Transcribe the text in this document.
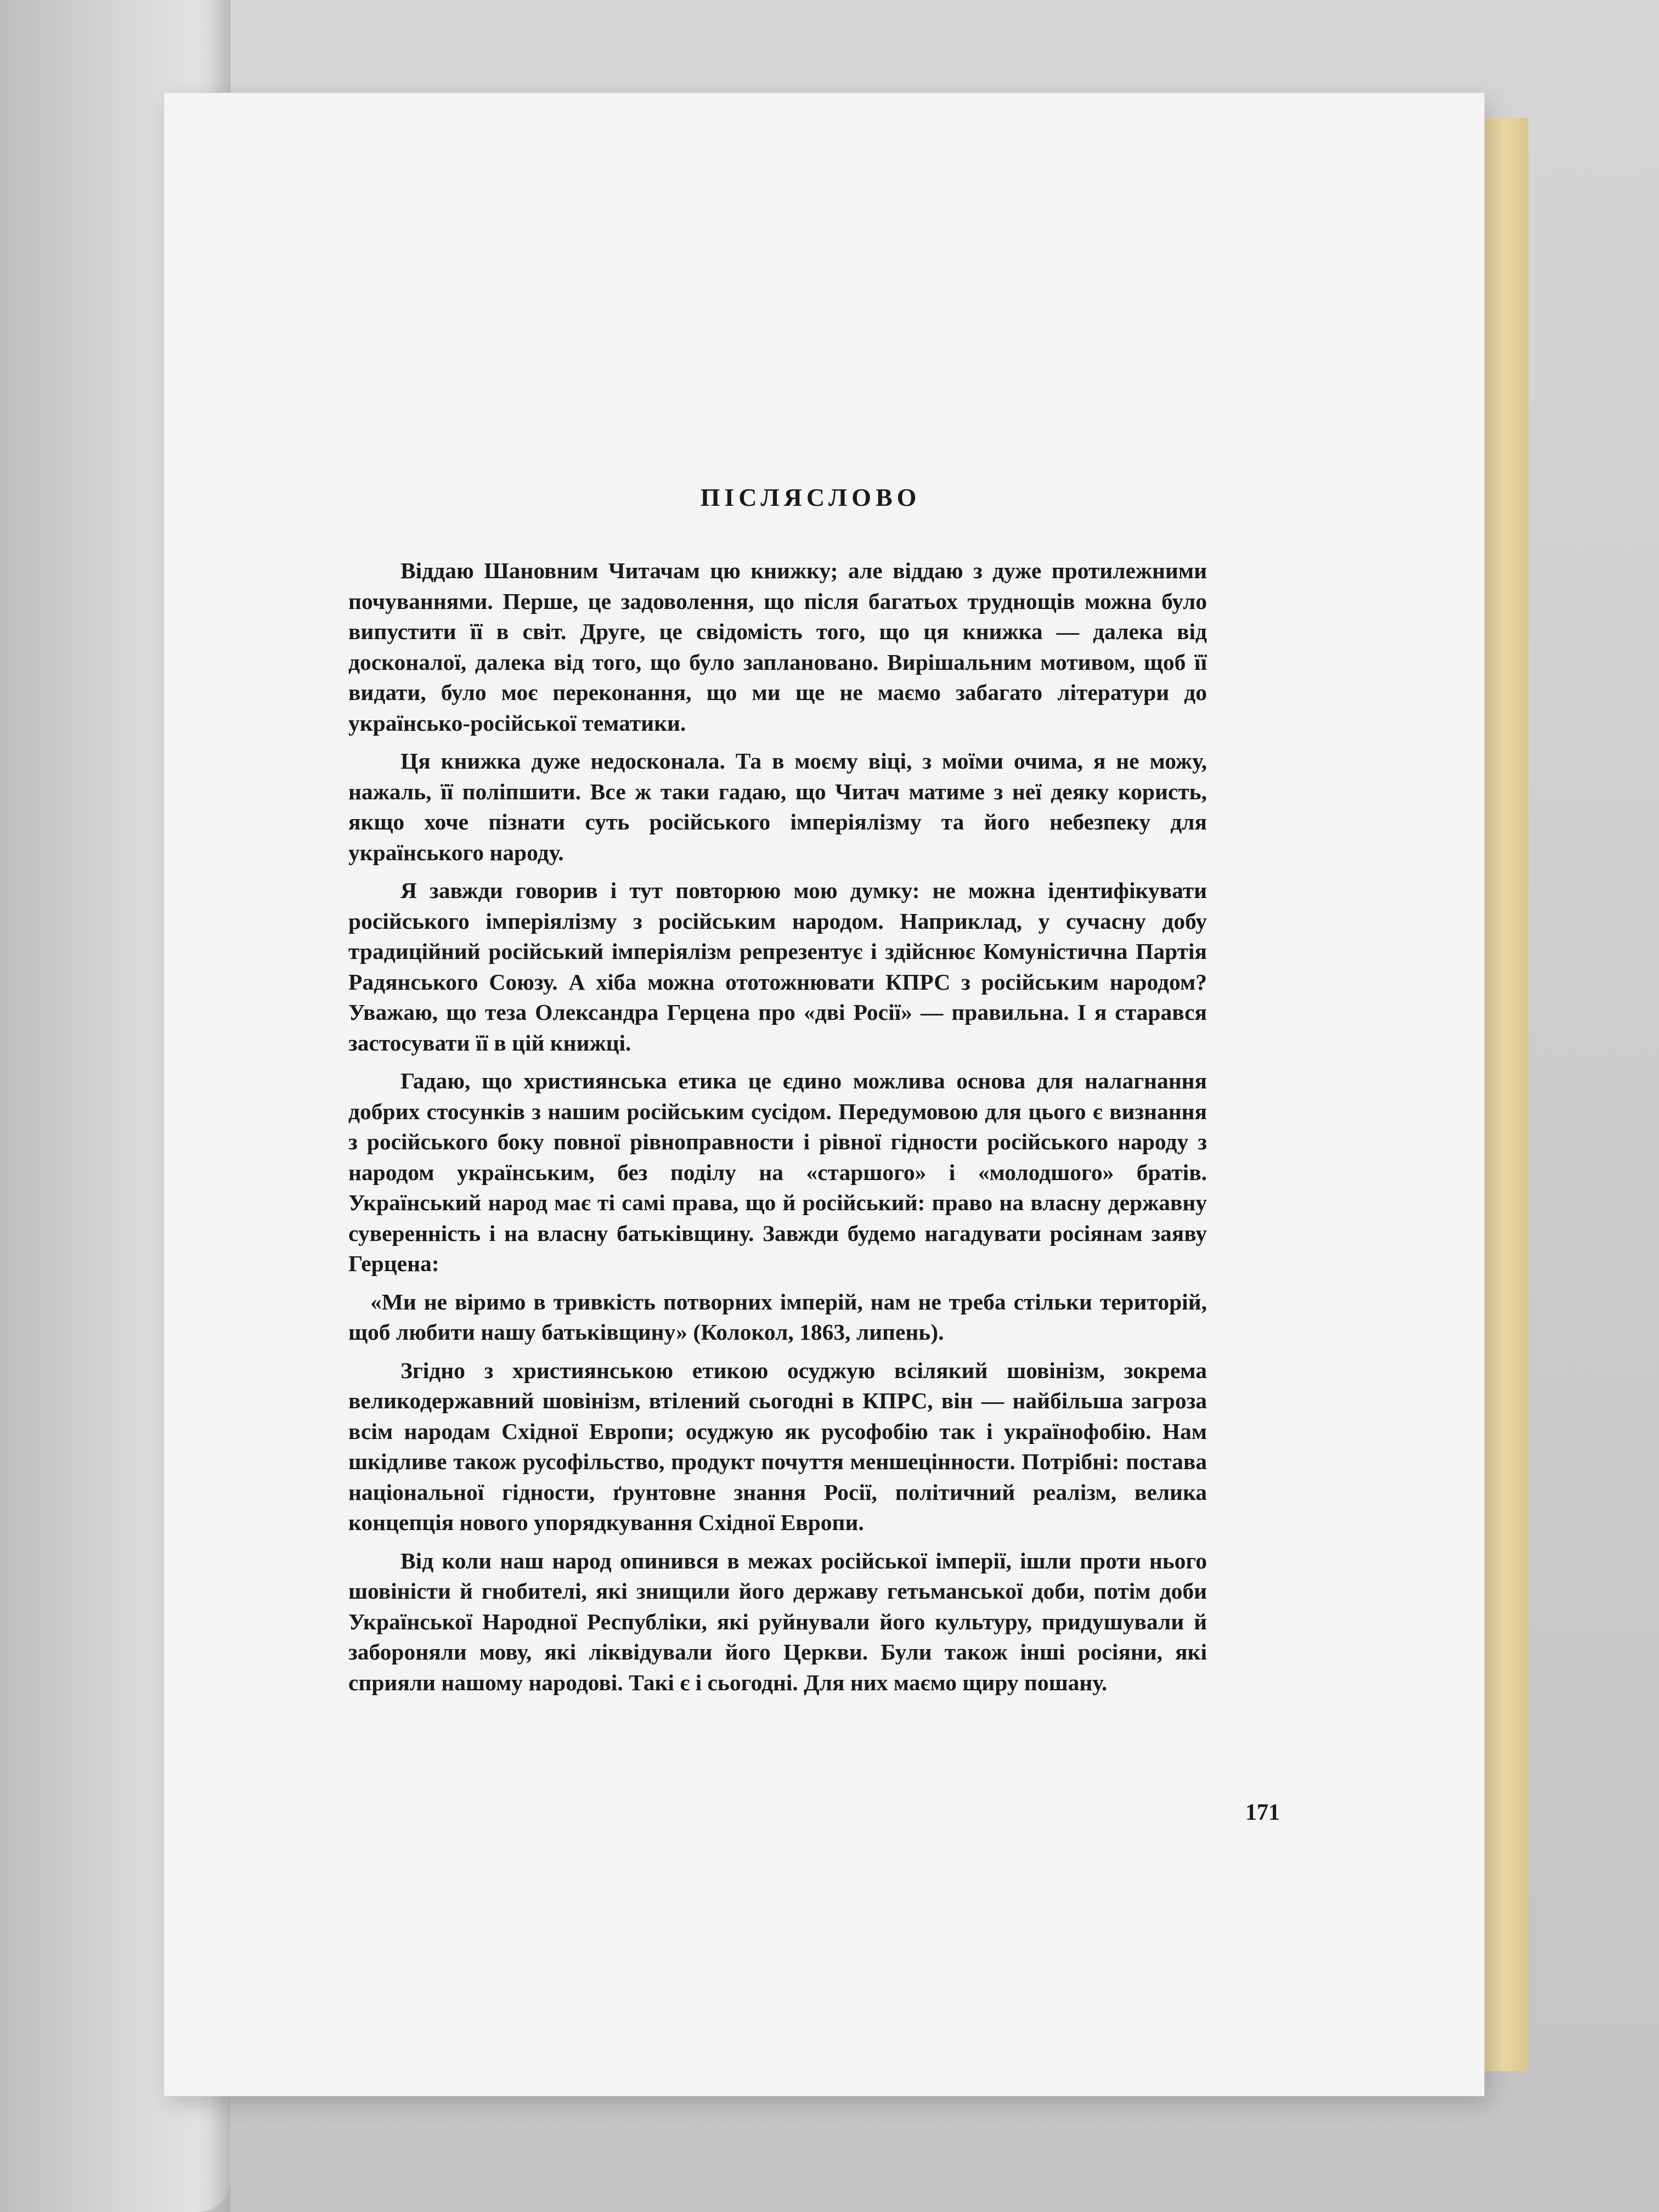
ПІСЛЯСЛОВО

Віддаю Шановним Читачам цю книжку; але віддаю з дуже протилежними почуваннями. Перше, це задоволення, що після багатьох труднощів можна було випустити її в світ. Друге, це свідомість того, що ця книжка — далека від досконалої, далека від того, що було заплановано. Вирішальним мотивом, щоб її видати, було моє переконання, що ми ще не маємо забагато літератури до українсько-російської тематики.

Ця книжка дуже недосконала. Та в моєму віці, з моїми очима, я не можу, нажаль, її поліпшити. Все ж таки гадаю, що Читач матиме з неї деяку користь, якщо хоче пізнати суть російського імперіялізму та його небезпеку для українського народу.

Я завжди говорив і тут повторюю мою думку: не можна ідентифікувати російського імперіялізму з російським народом. Наприклад, у сучасну добу традиційний російський імперіялізм репрезентує і здійснює Комуністична Партія Радянського Союзу. А хіба можна ототожнювати КПРС з російським народом? Уважаю, що теза Олександра Герцена про «дві Росії» — правильна. І я старався застосувати її в цій книжці.

Гадаю, що християнська етика це єдино можлива основа для налагнання добрих стосунків з нашим російським сусідом. Передумовою для цього є визнання з російського боку повної рівноправности і рівної гідности російського народу з народом українським, без поділу на «старшого» і «молодшого» братів. Український народ має ті самі права, що й російський: право на власну державну суверенність і на власну батьківщину. Завжди будемо нагадувати росіянам заяву Герцена:

«Ми не віримо в тривкість потворних імперій, нам не треба стільки територій, щоб любити нашу батьківщину» (Колокол, 1863, липень).

Згідно з християнською етикою осуджую всілякий шовінізм, зокрема великодержавний шовінізм, втілений сьогодні в КПРС, він — найбільша загроза всім народам Східної Европи; осуджую як русофобію так і українофобію. Нам шкідливе також русофільство, продукт почуття меншецінности. Потрібні: постава національної гідности, ґрунтовне знання Росії, політичний реалізм, велика концепція нового упорядкування Східної Европи.

Від коли наш народ опинився в межах російської імперії, ішли проти нього шовіністи й гнобителі, які знищили його державу гетьманської доби, потім доби Української Народної Республіки, які руйнували його культуру, придушували й забороняли мову, які ліквідували його Церкви. Були також інші росіяни, які сприяли нашому народові. Такі є і сьогодні. Для них маємо щиру пошану.

171
